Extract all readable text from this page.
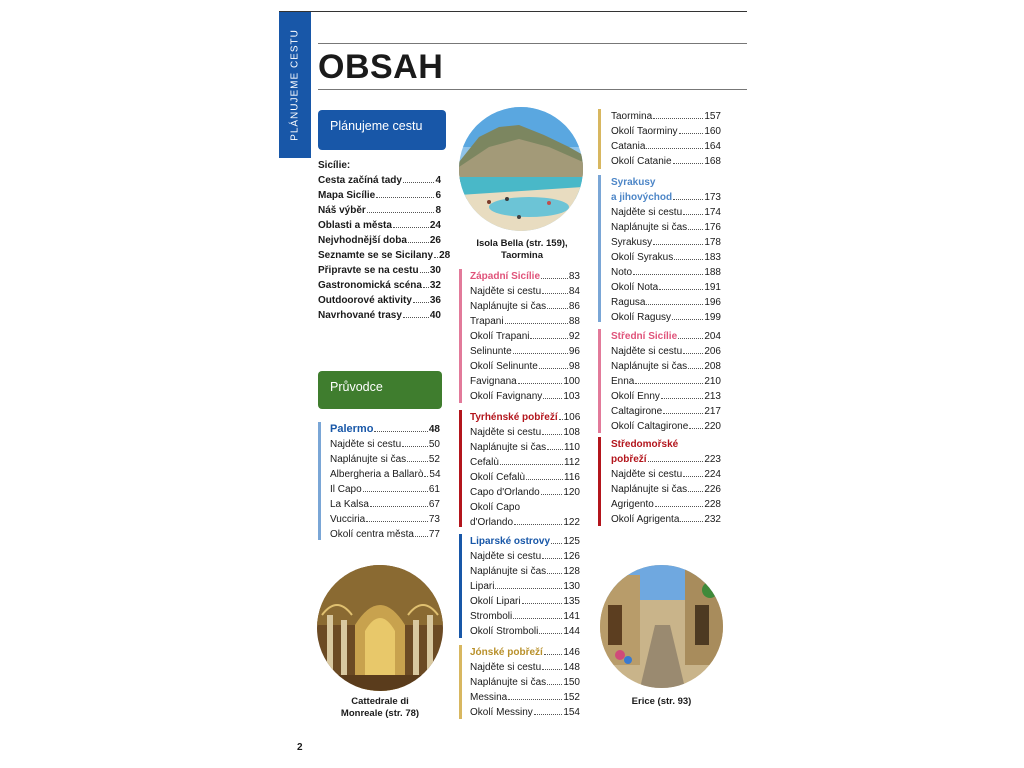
PLÁNUJEME CESTU OBSAH
Plánujeme cestu
Sicílie:
Cesta začíná tady	4
Mapa Sicílie	6
Náš výběr	8
Oblasti a města	24
Nejvhodnější doba 26
Seznamte se se Sicilany 28
Připravte se na cestu 30
Gastronomická scéna 32
Outdoorové aktivity 36
Navrhované trasy	40
Průvodce
Palermo	48
Najděte si cestu	50
Naplánujte si čas 52
Albergheria a Ballarò 54
Il Capo	61
La Kalsa	67
Vucciria	73
Okolí centra města 77
Isola Bella (str. 159),
Taormina
Západní Sicílie	83
Najděte si cestu	84
Naplánujte si čas 86
Trapani	88
Okolí Trapani	92
Selinunte	96
Okolí Selinunte	98
Favignana	100
Okolí Favignany 103
Tyrhénské pobřeží 106
Najděte si cestu 108
Naplánujte si čas 110
Cefalù	112
Okolí Cefalù	116
Capo d'Orlando 120
Okolí Capo
d'Orlando	122
Liparské ostrovy 125
Najděte si cestu 126
Naplánujte si čas 128
Lipari	130
Okolí Lipari	135
Stromboli	141
Okolí Stromboli 144
Jónské pobřeží 146
Najděte si cestu 148
Naplánujte si čas 150
Messina	152
Okolí Messiny	154
Taormina	157
Okolí Taorminy	160
Catania	164
Okolí Catanie	168
Syrakusy
a jihovýchod	173
Najděte si cestu 174
Naplánujte si čas 176
Syrakusy	178
Okolí Syrakus	183
Noto	188
Okolí Nota	191
Ragusa	196
Okolí Ragusy	199
Střední Sicílie	204
Najděte si cestu 206
Naplánujte si čas 208
Enna	210
Okolí Enny	213
Caltagirone	217
Okolí Caltagirone 220
Středomořské
pobřeží	223
Najděte si cestu 224
Naplánujte si čas 226
Agrigento	228
Okolí Agrigenta 232
Cattedrale di
Monreale (str. 78)
Erice (str. 93)
2
